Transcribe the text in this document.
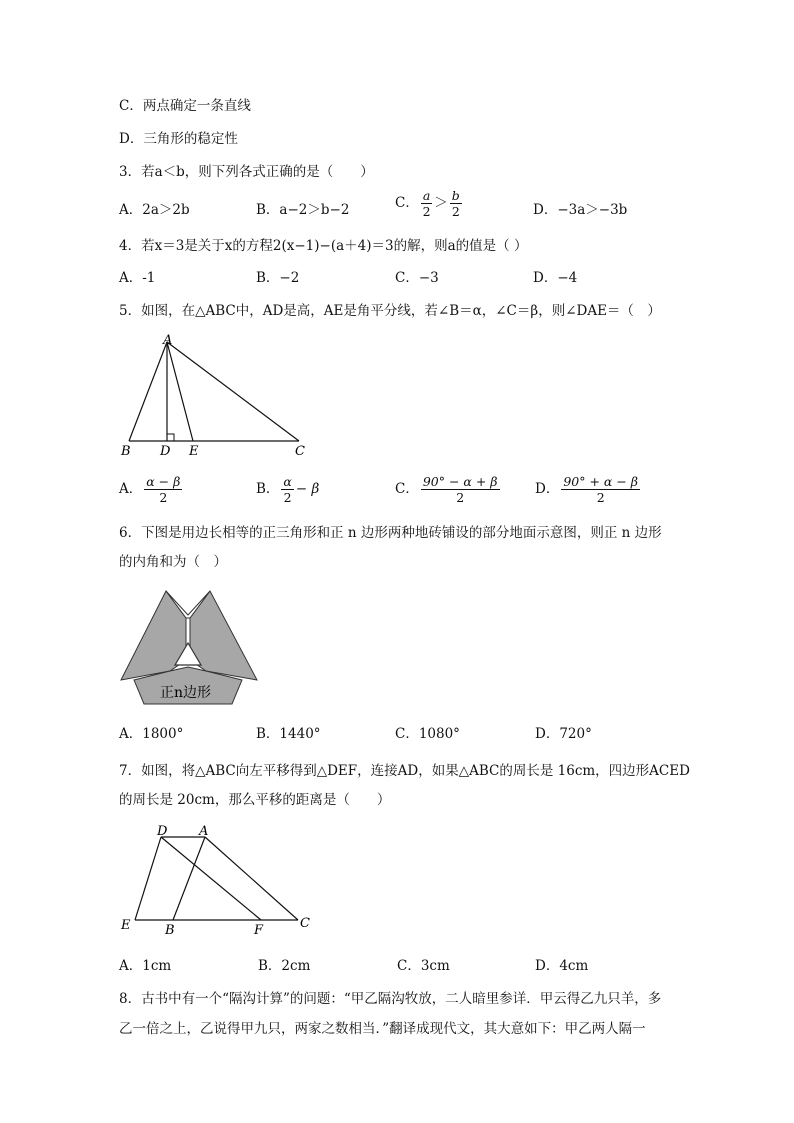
C．两点确定一条直线
D．三角形的稳定性
3．若a＜b，则下列各式正确的是（　　）
A．2a＞2b	B．a−2＞b−2	C． $\frac{a}{2} > \frac{b}{2}$	D．−3a＞−3b
4．若x＝3是关于x的方程2(x−1)−(a＋4)＝3的解，则a的值是（ ）
A．-1	B．−2	C．−3	D．−4
5．如图，在△ABC中，AD是高，AE是角平分线，若∠B＝α，∠C＝β，则∠DAE＝（　）
A
B D E	C
A． $\frac{\alpha - \beta}{2}$	B． $\frac{\alpha}{2} - \beta$	C． $\frac{90^\circ - \alpha + \beta}{2}$	D． $\frac{90^\circ + \alpha - \beta}{2}$
6．下图是用边长相等的正三角形和正 n 边形两种地砖铺设的部分地面示意图，则正 n 边形
的内角和为（　）
正n边形
A．1800°	B．1440°	C．1080°	D．720°
7．如图，将△ABC向左平移得到△DEF，连接AD，如果△ABC的周长是 16cm，四边形ACED
的周长是 20cm，那么平移的距离是（　　）
D A
E	B	F	C
A．1cm	B．2cm	C．3cm	D．4cm
8．古书中有一个“隔沟计算”的问题：“甲乙隔沟牧放，二人暗里参详．甲云得乙九只羊，多
乙一倍之上，乙说得甲九只，两家之数相当．”翻译成现代文，其大意如下：甲乙两人隔一
